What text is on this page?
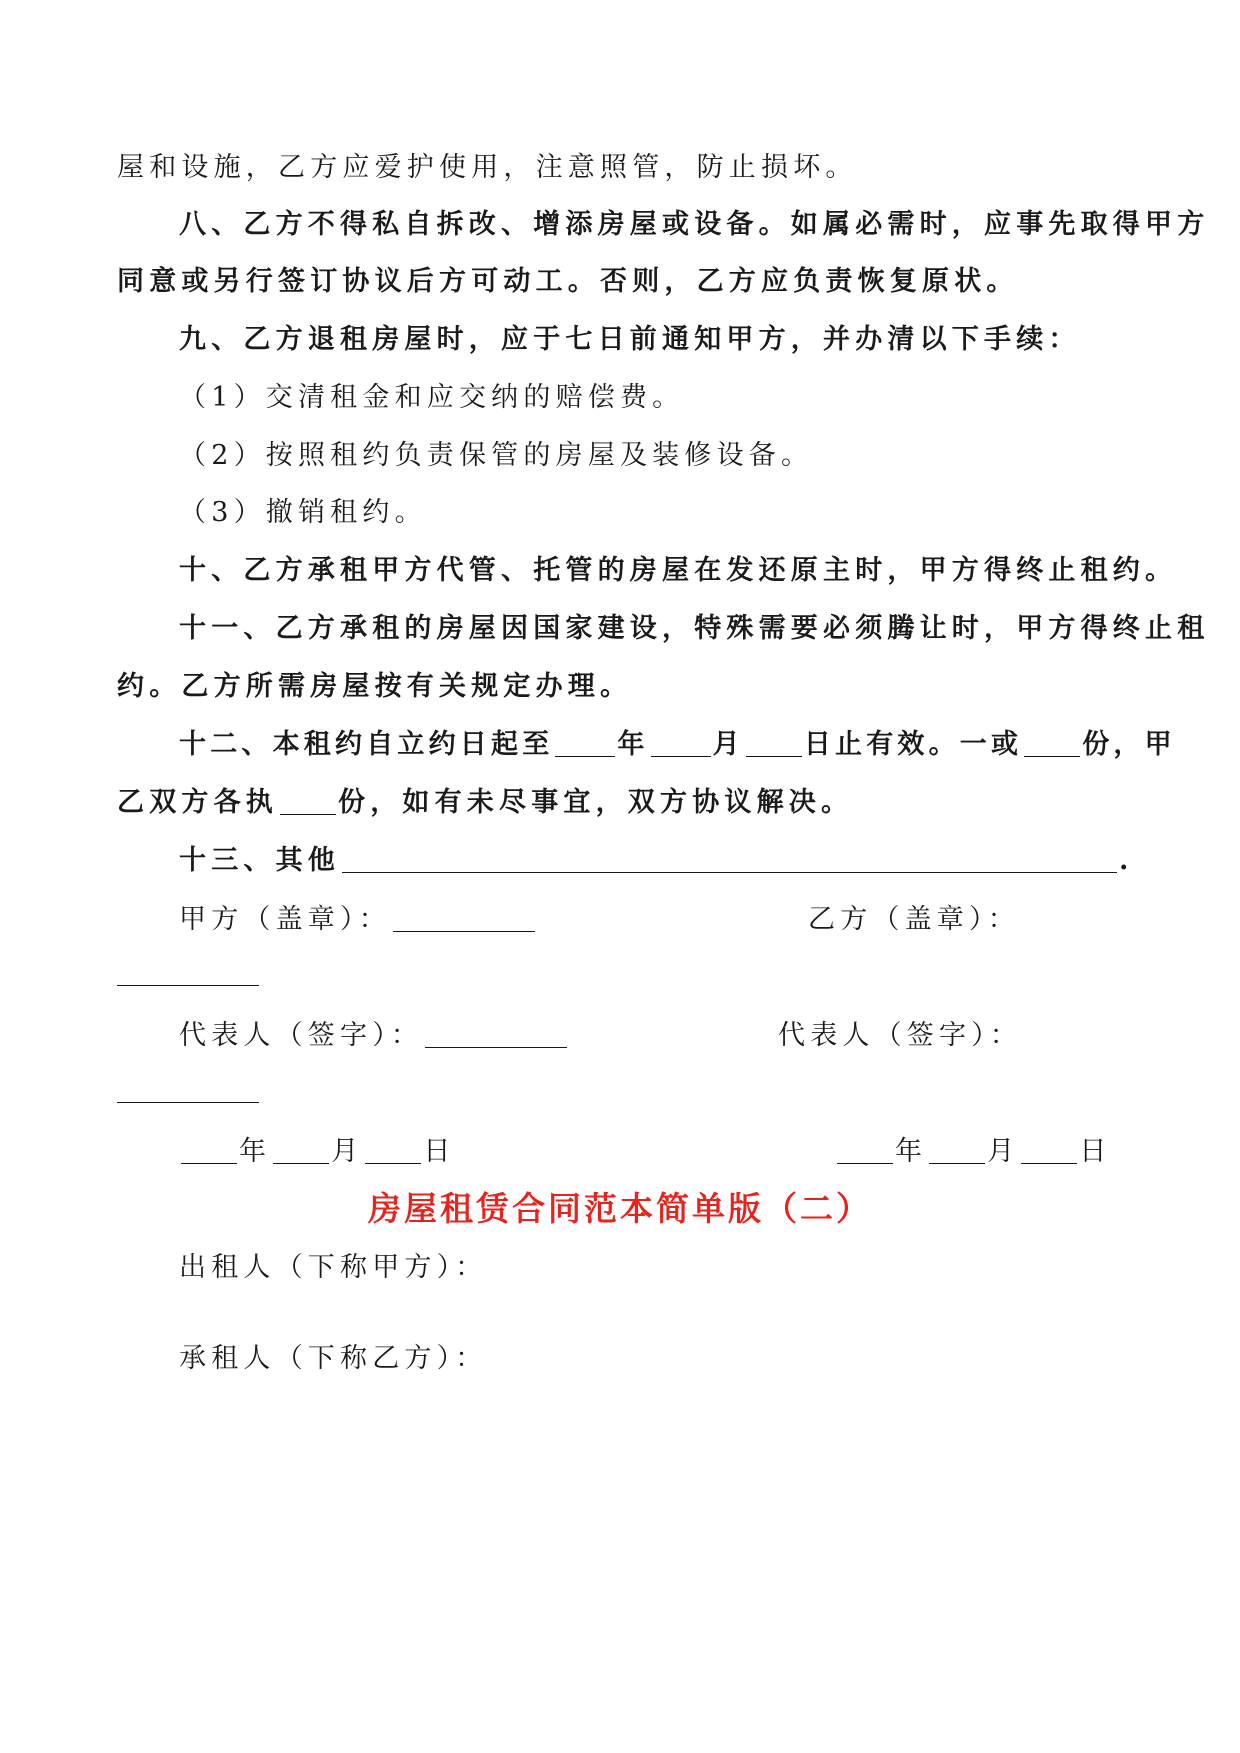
屋和设施，乙方应爱护使用，注意照管，防止损坏。
八、乙方不得私自拆改、增添房屋或设备。如属必需时，应事先取得甲方
同意或另行签订协议后方可动工。否则，乙方应负责恢复原状。
九、乙方退租房屋时，应于七日前通知甲方，并办清以下手续：
（1）交清租金和应交纳的赔偿费。
（2）按照租约负责保管的房屋及装修设备。
（3）撤销租约。
十、乙方承租甲方代管、托管的房屋在发还原主时，甲方得终止租约。
十一、乙方承租的房屋因国家建设，特殊需要必须腾让时，甲方得终止租
约。乙方所需房屋按有关规定办理。
十二、本租约自立约日起至 年 月 日止有效。一或 份，甲
乙双方各执 份，如有未尽事宜，双方协议解决。
十三、其他	.
甲方（盖章）：	乙方（盖章）：
代表人（签字）：	代表人（签字）：
年 月 日	年 月 日
房屋租赁合同范本简单版（二）
出租人（下称甲方）：
承租人（下称乙方）：
